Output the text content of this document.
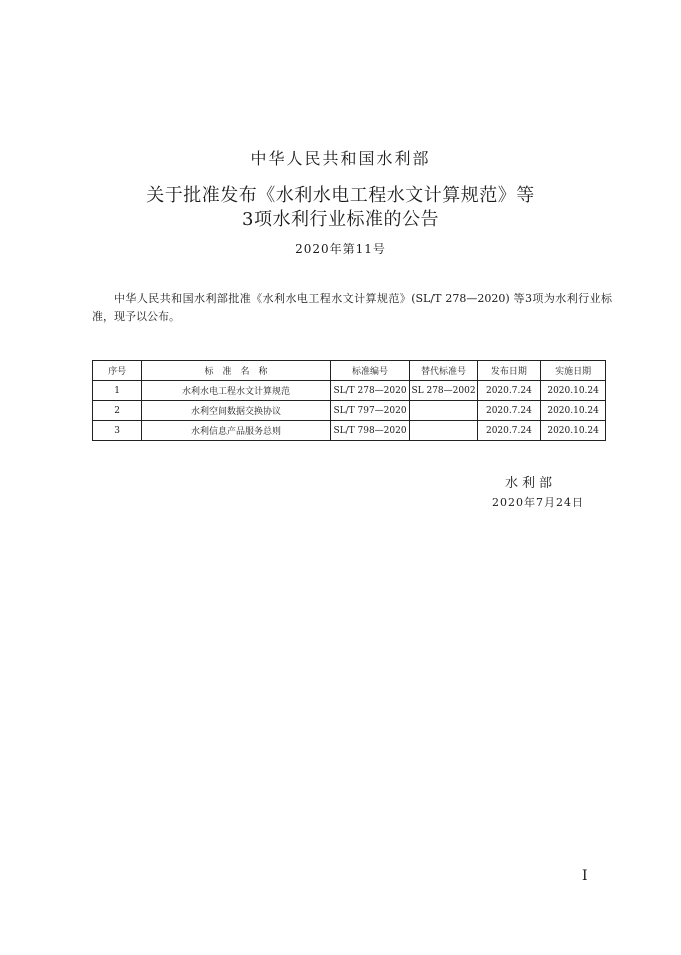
中华人民共和国水利部
关于批准发布《水利水电工程水文计算规范》等
3项水利行业标准的公告
2020年第11号

中华人民共和国水利部批准《水利水电工程水文计算规范》(SL/T 278—2020) 等3项为水利行业标准，现予以公布。

序号	标　准　名　称	标准编号	替代标准号	发布日期	实施日期
1	水利水电工程水文计算规范	SL/T 278—2020	SL 278—2002	2020.7.24	2020.10.24
2	水利空间数据交换协议	SL/T 797—2020		2020.7.24	2020.10.24
3	水利信息产品服务总则	SL/T 798—2020		2020.7.24	2020.10.24
水利部
2020年7月24日
I
